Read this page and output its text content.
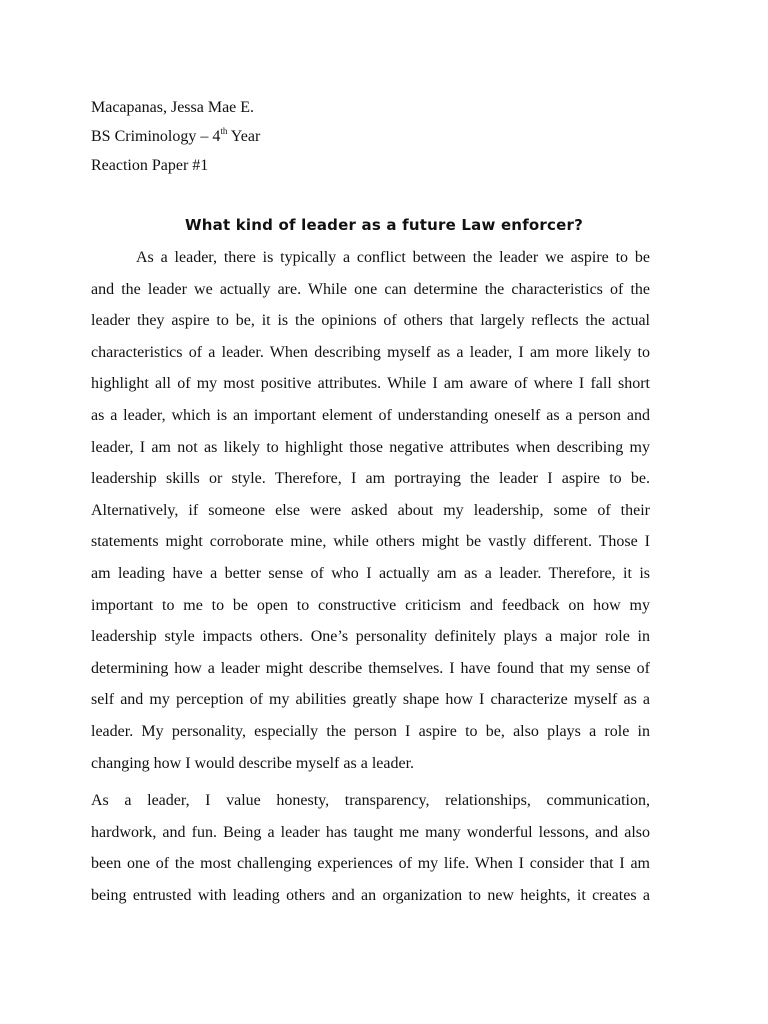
Macapanas, Jessa Mae E.
BS Criminology – 4th Year
Reaction Paper #1
What kind of leader as a future Law enforcer?
As a leader, there is typically a conflict between the leader we aspire to be
and the leader we actually are. While one can determine the characteristics of the
leader they aspire to be, it is the opinions of others that largely reflects the actual
characteristics of a leader. When describing myself as a leader, I am more likely to
highlight all of my most positive attributes. While I am aware of where I fall short
as a leader, which is an important element of understanding oneself as a person and
leader, I am not as likely to highlight those negative attributes when describing my
leadership skills or style. Therefore, I am portraying the leader I aspire to be.
Alternatively, if someone else were asked about my leadership, some of their
statements might corroborate mine, while others might be vastly different. Those I
am leading have a better sense of who I actually am as a leader. Therefore, it is
important to me to be open to constructive criticism and feedback on how my
leadership style impacts others. One’s personality definitely plays a major role in
determining how a leader might describe themselves. I have found that my sense of
self and my perception of my abilities greatly shape how I characterize myself as a
leader. My personality, especially the person I aspire to be, also plays a role in
changing how I would describe myself as a leader.
As a leader, I value honesty, transparency, relationships, communication,
hardwork, and fun. Being a leader has taught me many wonderful lessons, and also
been one of the most challenging experiences of my life. When I consider that I am
being entrusted with leading others and an organization to new heights, it creates a
